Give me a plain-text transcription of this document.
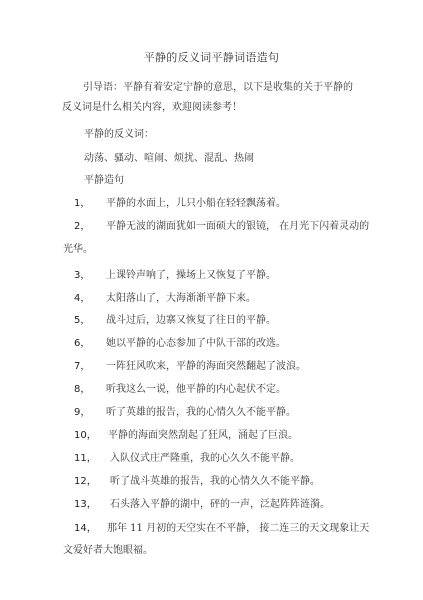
平静的反义词平静词语造句
引导语：平静有着安定宁静的意思，以下是收集的关于平静的反义词是什么相关内容，欢迎阅读参考！
平静的反义词：
动荡、骚动、喧闹、烦扰、混乱、热闹
平静造句
1， 平静的水面上，儿只小船在轻轻飘荡着。
2， 平静无波的湖面犹如一面硕大的银镜， 在月光下闪着灵动的
光华。
3， 上课铃声响了，操场上又恢复了平静。
4， 太阳落山了，大海渐渐平静下来。
5， 战斗过后，边寨又恢复了往日的平静。
6， 她以平静的心态参加了中队干部的改选。
7， 一阵狂风吹来，平静的海面突然翻起了波浪。
8， 听我这么一说，他平静的内心起伏不定。
9， 听了英雄的报告，我的心情久久不能平静。
10， 平静的海面突然刮起了狂风，涌起了巨浪。
11， 入队仪式庄严隆重，我的心久久不能平静。
12， 听了战斗英雄的报告，我的心情久久不能平静。
13， 石头落入平静的湖中，砰的一声，泛起阵阵涟漪。
14， 那年 11 月初的天空实在不平静， 接二连三的天文现象让天
文爱好者大饱眼福。
